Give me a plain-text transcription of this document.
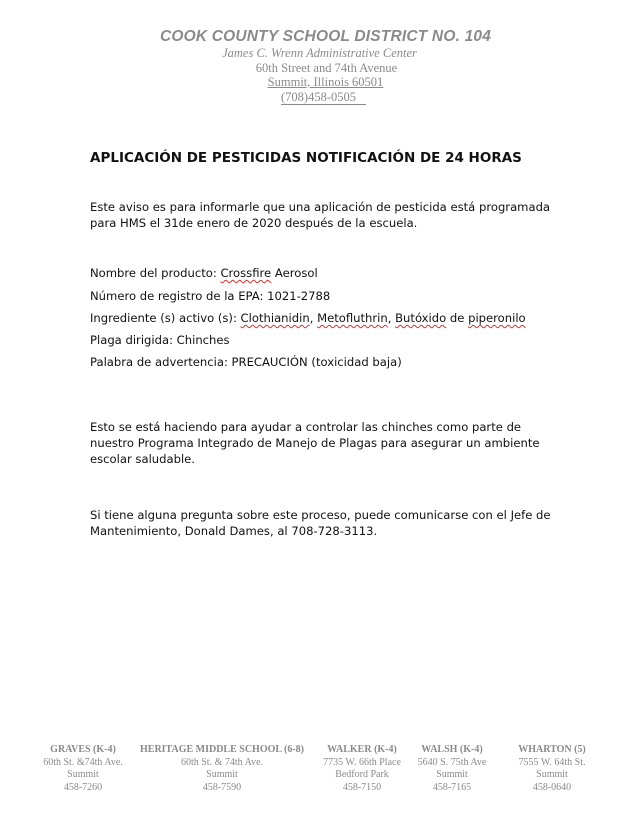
COOK COUNTY SCHOOL DISTRICT NO. 104
James C. Wrenn Administrative Center
60th Street and 74th Avenue
Summit, Illinois 60501
(708)458-0505
APLICACIÓN DE PESTICIDAS NOTIFICACIÓN DE 24 HORAS
Este aviso es para informarle que una aplicación de pesticida está programada para HMS el 31de enero de 2020 después de la escuela.
Nombre del producto: Crossfire Aerosol
Número de registro de la EPA: 1021-2788
Ingrediente (s) activo (s): Clothianidin, Metofluthrin, Butóxido de piperonilo
Plaga dirigida: Chinches
Palabra de advertencia: PRECAUCIÓN (toxicidad baja)
Esto se está haciendo para ayudar a controlar las chinches como parte de nuestro Programa Integrado de Manejo de Plagas para asegurar un ambiente escolar saludable.
Si tiene alguna pregunta sobre este proceso, puede comunicarse con el Jefe de Mantenimiento, Donald Dames, al 708-728-3113.
GRAVES (K-4)
60th St. &74th Ave.
Summit
458-7260
HERITAGE MIDDLE SCHOOL (6-8)
60th St. & 74th Ave.
Summit
458-7590
WALKER (K-4)
7735 W. 66th Place
Bedford Park
458-7150
WALSH (K-4)
5640 S. 75th Ave
Summit
458-7165
WHARTON (5)
7555 W. 64th St.
Summit
458-0640
